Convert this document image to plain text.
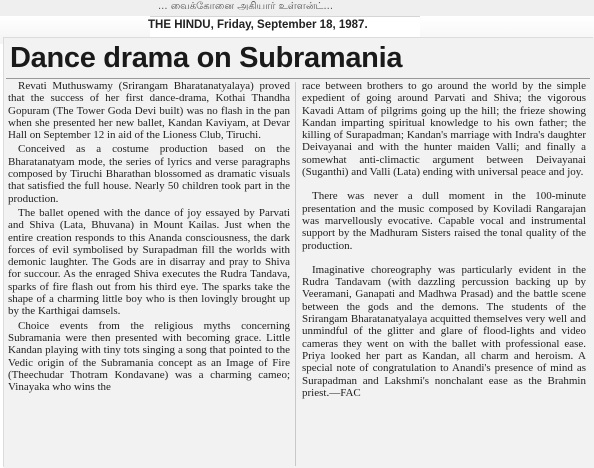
... வைக்கோனை அகியார் உள்ளன்ட்...
THE HINDU, Friday, September 18, 1987.
Dance drama on Subramania

Revati Muthuswamy (Srirangam Bharatanatyalaya) proved that the success of her first dance-drama, Kothai Thandha Gopuram (The Tower Goda Devi built) was no flash in the pan when she presented her new ballet, Kandan Kaviyam, at Devar Hall on September 12 in aid of the Lioness Club, Tiruchi.

Conceived as a costume production based on the Bharatanatyam mode, the series of lyrics and verse paragraphs composed by Tiruchi Bharathan blossomed as dramatic visuals that satisfied the full house. Nearly 50 children took part in the production.

The ballet opened with the dance of joy essayed by Parvati and Shiva (Lata, Bhuvana) in Mount Kailas. Just when the entire creation responds to this Ananda consciousness, the dark forces of evil symbolised by Surapadman fill the worlds with demonic laughter. The Gods are in disarray and pray to Shiva for succour. As the enraged Shiva executes the Rudra Tandava, sparks of fire flash out from his third eye. The sparks take the shape of a charming little boy who is then lovingly brought up by the Karthigai damsels.

Choice events from the religious myths concerning Subramania were then presented with becoming grace. Little Kandan playing with tiny tots singing a song that pointed to the Vedic origin of the Subramania concept as an Image of Fire (Theechudar Thotram Kondavane) was a charming cameo; Vinayaka who wins the

race between brothers to go around the world by the simple expedient of going around Parvati and Shiva; the vigorous Kavadi Attam of pilgrims going up the hill; the frieze showing Kandan imparting spiritual knowledge to his own father; the killing of Surapadman; Kandan's marriage with Indra's daughter Deivayanai and with the hunter maiden Valli; and finally a somewhat anti-climactic argument between Deivayanai (Suganthi) and Valli (Lata) ending with universal peace and joy.

There was never a dull moment in the 100-minute presentation and the music composed by Koviladi Rangarajan was marvellously evocative. Capable vocal and instrumental support by the Madhuram Sisters raised the tonal quality of the production.

Imaginative choreography was particularly evident in the Rudra Tandavam (with dazzling percussion backing up by Veeramani, Ganapati and Madhwa Prasad) and the battle scene between the gods and the demons. The students of the Srirangam Bharatanatyalaya acquitted themselves very well and unmindful of the glitter and glare of flood-lights and video cameras they went on with the ballet with professional ease. Priya looked her part as Kandan, all charm and heroism. A special note of congratulation to Anandi's presence of mind as Surapadman and Lakshmi's nonchalant ease as the Brahmin priest.—FAC
